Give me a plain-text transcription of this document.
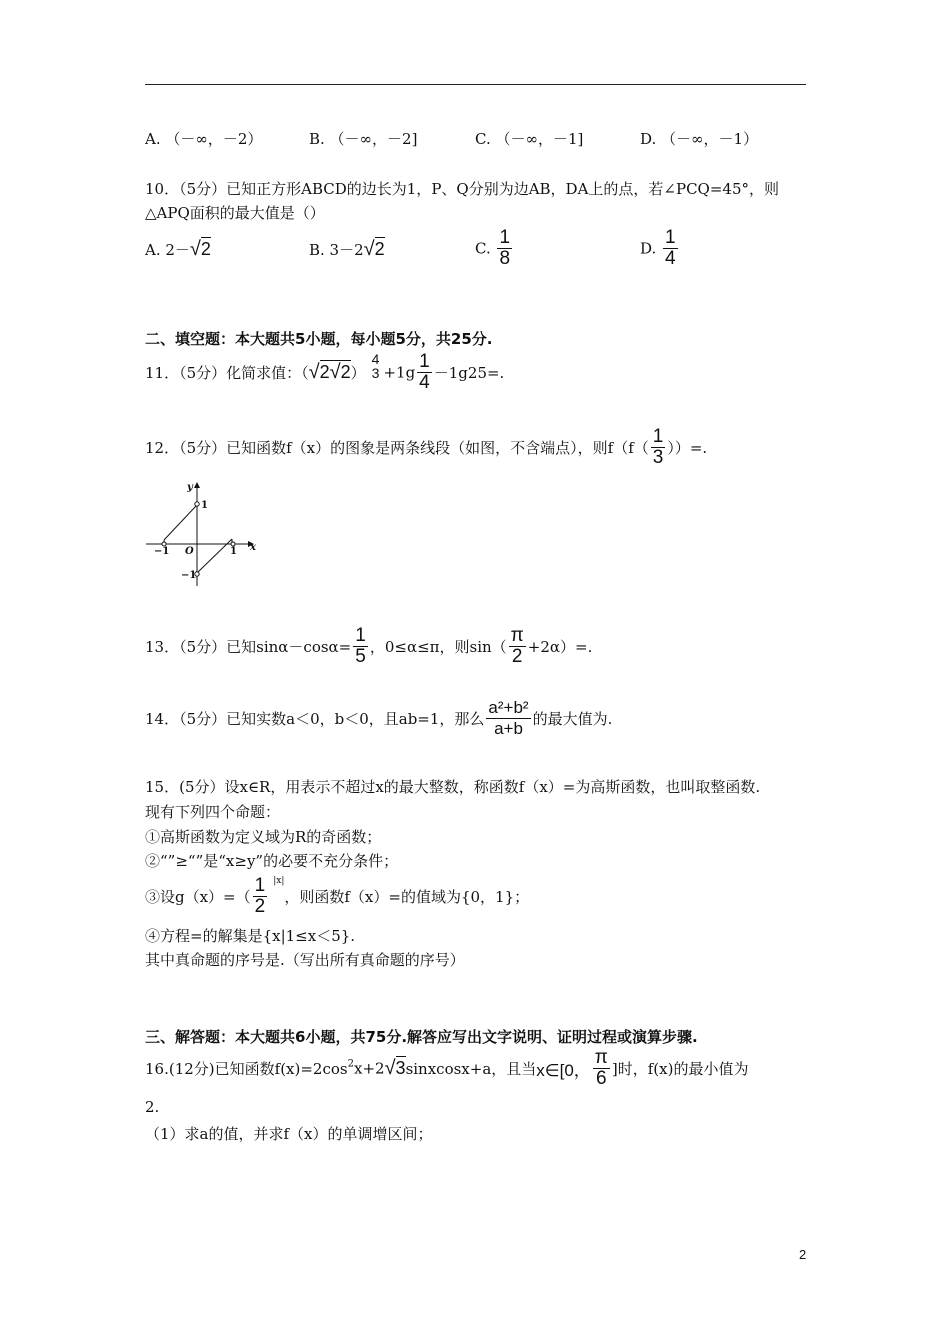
A. （－∞，－2）	B. （－∞，－2]	C. （－∞，－1]	D. （－∞，－1）
10．（5分）已知正方形ABCD的边长为1，P、Q分别为边AB，DA上的点，若∠PCQ=45°，则
△APQ面积的最大值是（）
A. 2－√2	B. 3－2√2	C. $\frac{1}{8}$	D. $\frac{1}{4}$
二、填空题：本大题共5小题，每小题5分，共25分.
11．（5分）化简求值：（√2√2）
4
$3 +1g \frac{1}{4} -1g25=$.
12．（5分）已知函数f（x）的图象是两条线段（如图，不含端点），则$f(f( \frac{1}{3}$ ））=.
y
x
O
1
−1
−1	1
13．（5分）已知$\sin\alpha-\cos\alpha= \frac{1}{5}$ ，0≤α≤π，则$\sin( \frac{\pi}{2} +2\alpha)=$.
14．（5分）已知实数a＜0，b＜0，且ab=1，那么 $\frac{\text{a²+b²}}{a+b}$ 的最大值为.
15．(5分）设x∈R，用表示不超过x的最大整数，称函数f（x）=为高斯函数，也叫取整函数.
现有下列四个命题：
①高斯函数为定义域为R的奇函数；
②“”≥“”是“x≥y”的必要不充分条件；
③设$g(x)=( \frac{1}{2} ^{|x|}$，则函数f（x）=的值域为{0，1}；
④方程=的解集是{x|1≤x＜5}.
其中真命题的序号是.（写出所有真命题的序号）
三、解答题：本大题共6小题，共75分.解答应写出文字说明、证明过程或演算步骤.
16.(12分)已知函数$f(x)=2\cos^2x+2√3sinxcosx+a$，且当x∈[0， $\frac{\pi}{6}$ ]时，f(x)的最小值为
2.
（1）求a的值，并求f（x）的单调增区间；
2
